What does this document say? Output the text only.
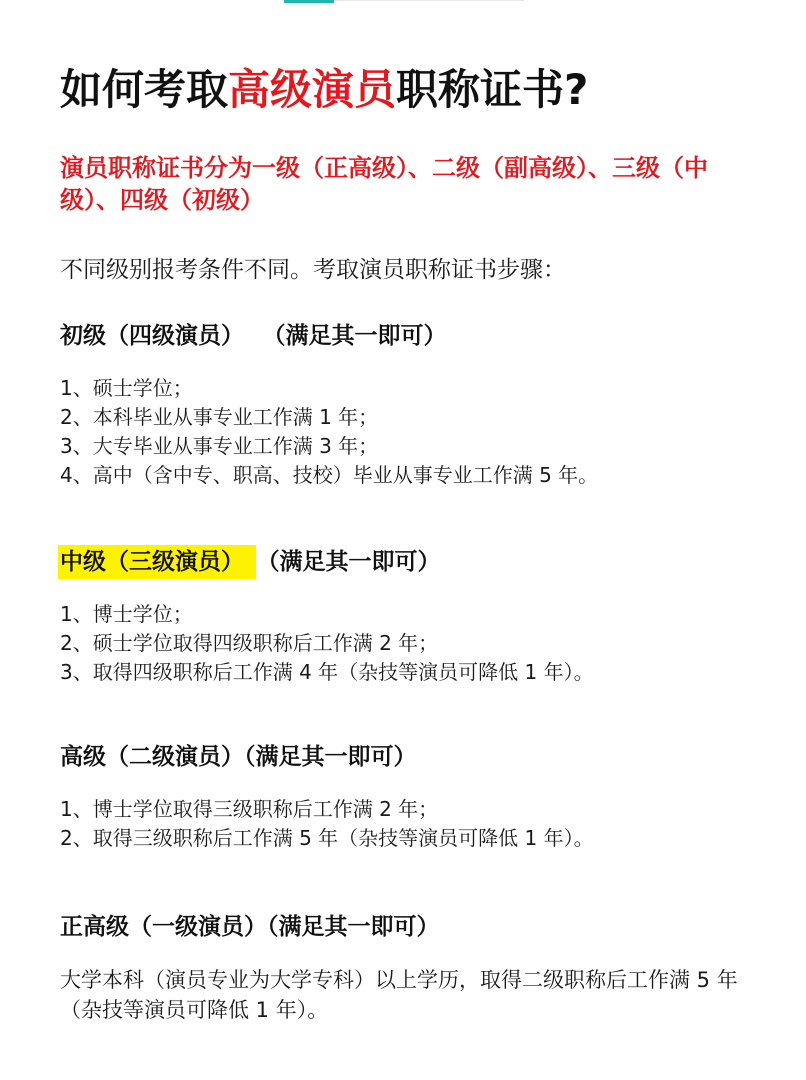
如何考取高级演员职称证书?

演员职称证书分为一级（正高级）、二级（副高级）、三级（中级）、四级（初级）

不同级别报考条件不同。考取演员职称证书步骤：

初级（四级演员） （满足其一即可）
1、硕士学位；
2、本科毕业从事专业工作满 1 年；
3、大专毕业从事专业工作满 3 年；
4、高中（含中专、职高、技校）毕业从事专业工作满 5 年。
中级（三级演员） （满足其一即可）
1、博士学位；
2、硕士学位取得四级职称后工作满 2 年；
3、取得四级职称后工作满 4 年（杂技等演员可降低 1 年）。
高级（二级演员）（满足其一即可）
1、博士学位取得三级职称后工作满 2 年；
2、取得三级职称后工作满 5 年（杂技等演员可降低 1 年）。
正高级（一级演员）（满足其一即可）

大学本科（演员专业为大学专科）以上学历，取得二级职称后工作满 5 年（杂技等演员可降低 1 年）。
